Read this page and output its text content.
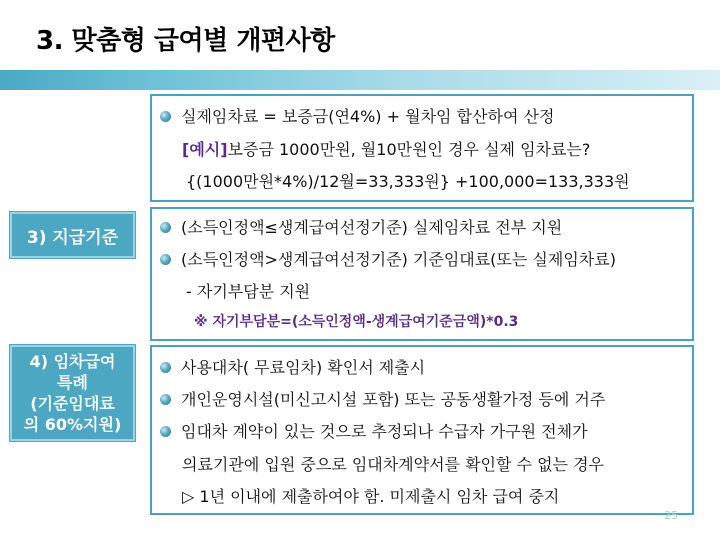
3. 맞춤형 급여별 개편사항
실제임차료 = 보증금(연4%) + 월차임 합산하여 산정
[예시]보증금 1000만원, 월10만원인 경우 실제 임차료는?
{(1000만원*4%)/12월=33,333원} +100,000=133,333원
3) 지급기준	(소득인정액≤생계급여선정기준) 실제임차료 전부 지원
(소득인정액>생계급여선정기준) 기준임대료(또는 실제임차료)
- 자기부담분 지원
※ 자기부담분=(소득인정액-생계급여기준금액)*0.3
4) 임차급여
특례
(기준임대료
의 60%지원)
사용대차( 무료임차) 확인서 제출시
개인운영시설(미신고시설 포함) 또는 공동생활가정 등에 거주
임대차 계약이 있는 것으로 추정되나 수급자 가구원 전체가
의료기관에 입원 중으로 임대차계약서를 확인할 수 없는 경우
▷ 1년 이내에 제출하여야 함. 미제출시 임차 급여 중지
25
